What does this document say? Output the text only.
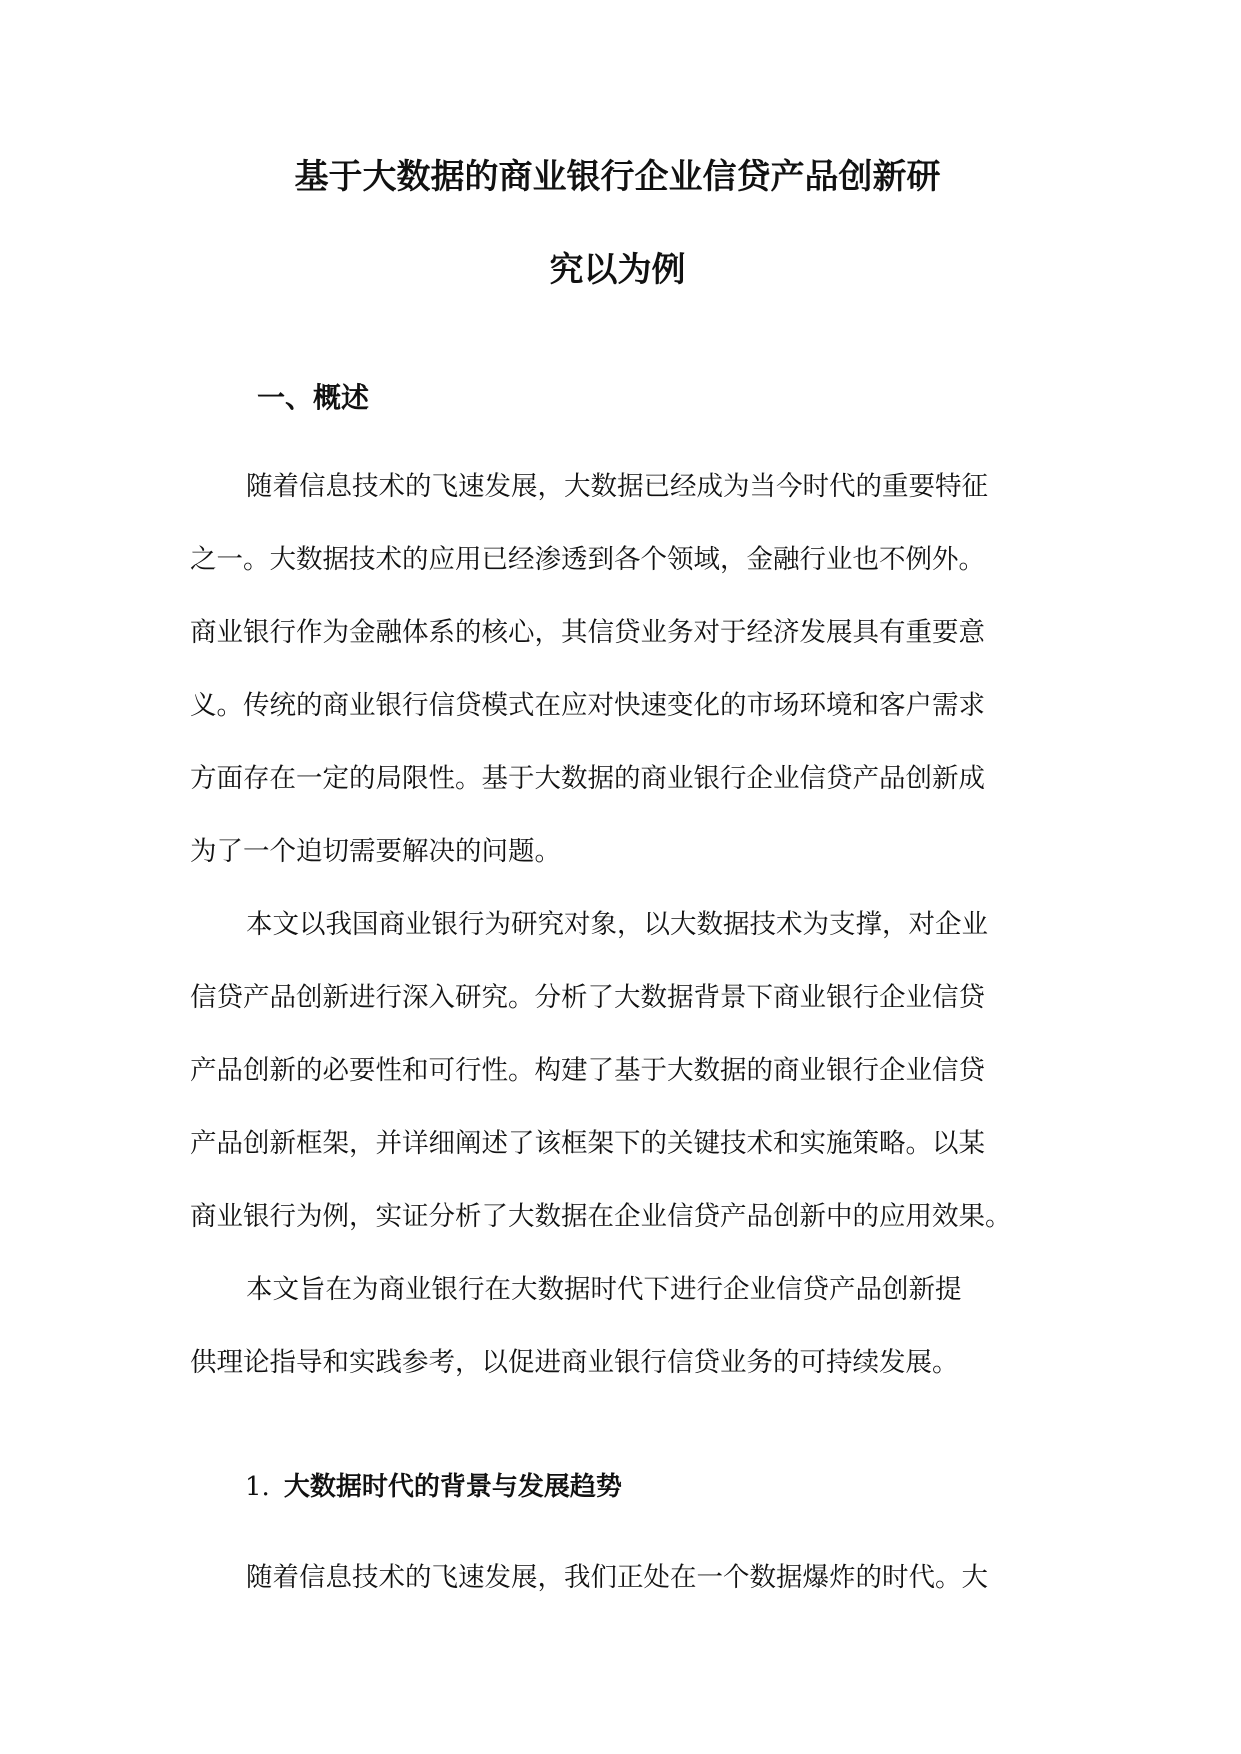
基于大数据的商业银行企业信贷产品创新研
究以为例
一、概述
随着信息技术的飞速发展，大数据已经成为当今时代的重要特征
之一。大数据技术的应用已经渗透到各个领域，金融行业也不例外。
商业银行作为金融体系的核心，其信贷业务对于经济发展具有重要意
义。传统的商业银行信贷模式在应对快速变化的市场环境和客户需求
方面存在一定的局限性。基于大数据的商业银行企业信贷产品创新成
为了一个迫切需要解决的问题。
本文以我国商业银行为研究对象，以大数据技术为支撑，对企业
信贷产品创新进行深入研究。分析了大数据背景下商业银行企业信贷
产品创新的必要性和可行性。构建了基于大数据的商业银行企业信贷
产品创新框架，并详细阐述了该框架下的关键技术和实施策略。以某
商业银行为例，实证分析了大数据在企业信贷产品创新中的应用效果。
本文旨在为商业银行在大数据时代下进行企业信贷产品创新提
供理论指导和实践参考，以促进商业银行信贷业务的可持续发展。
1. 大数据时代的背景与发展趋势
随着信息技术的飞速发展，我们正处在一个数据爆炸的时代。大
